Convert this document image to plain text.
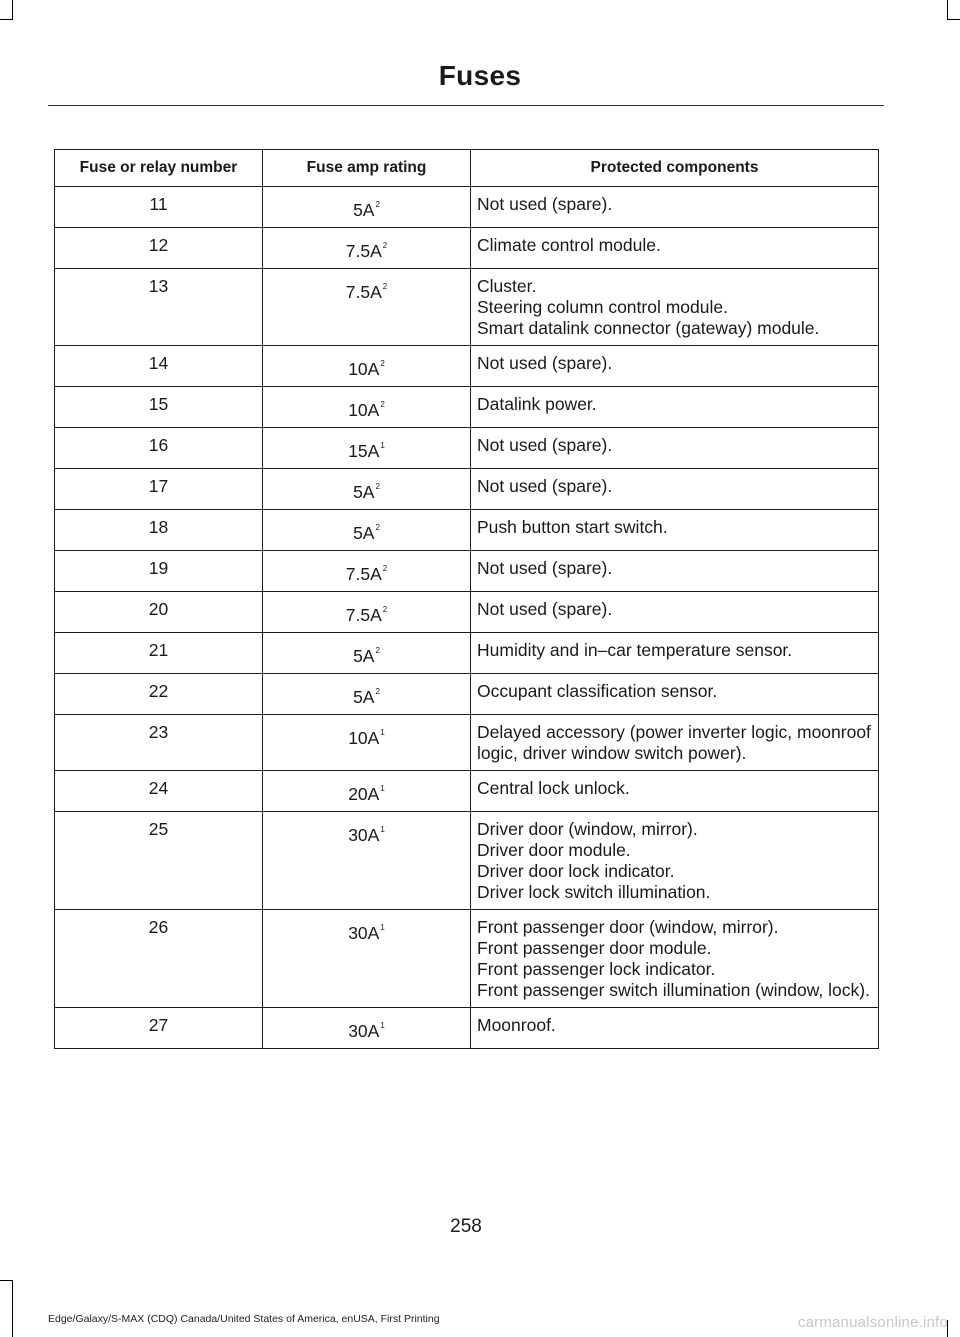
Fuses
Fuse or relay number	Fuse amp rating	Protected components
11	$5A^2$	Not used (spare).

12	$7.5A^2$	Climate control module.

13	$7.5A^2$	Cluster.
Steering column control module.
Smart datalink connector (gateway) module.

14	$10A^2$	Not used (spare).

15	$10A^2$	Datalink power.

16	$15A^1$	Not used (spare).

17	$5A^2$	Not used (spare).

18	$5A^2$	Push button start switch.

19	$7.5A^2$	Not used (spare).

20	$7.5A^2$	Not used (spare).

21	$5A^2$	Humidity and in–car temperature sensor.

22	$5A^2$	Occupant classification sensor.

23	$10A^1$	Delayed accessory (power inverter logic, moonroof logic, driver window switch power).

24	$20A^1$	Central lock unlock.

25	$30A^1$	Driver door (window, mirror).
Driver door module.
Driver door lock indicator.
Driver lock switch illumination.

26	$30A^1$	Front passenger door (window, mirror).
Front passenger door module.
Front passenger lock indicator.
Front passenger switch illumination (window, lock).

27	$30A^1$	Moonroof.
258
Edge/Galaxy/S-MAX (CDQ) Canada/United States of America, enUSA, First Printing	carmanualsonline.info
